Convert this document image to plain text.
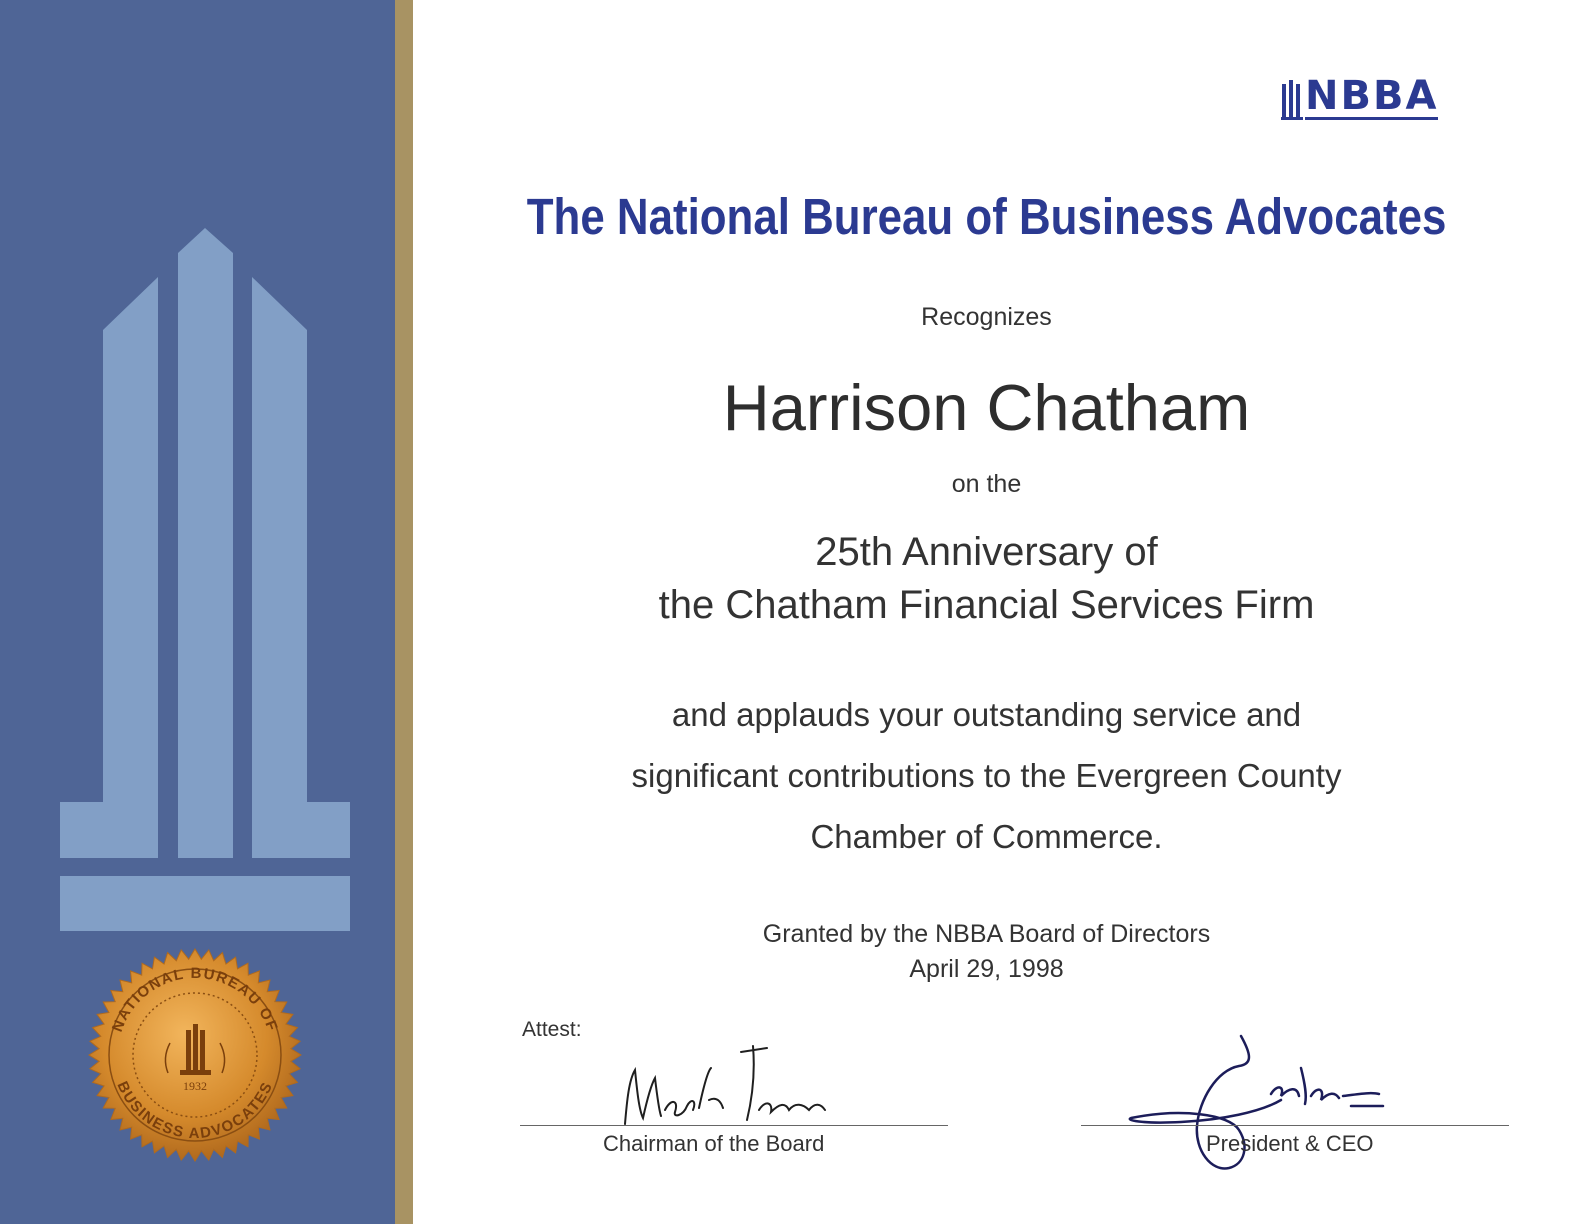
NATIONAL BUREAU OF
BUSINESS ADVOCATES
1932
NBBA
The National Bureau of Business Advocates
Recognizes
Harrison Chatham
on the
25th Anniversary of
the Chatham Financial Services Firm
and applauds your outstanding service and
significant contributions to the Evergreen County
Chamber of Commerce.
Granted by the NBBA Board of Directors
April 29, 1998
Attest:
Chairman of the Board	President & CEO
